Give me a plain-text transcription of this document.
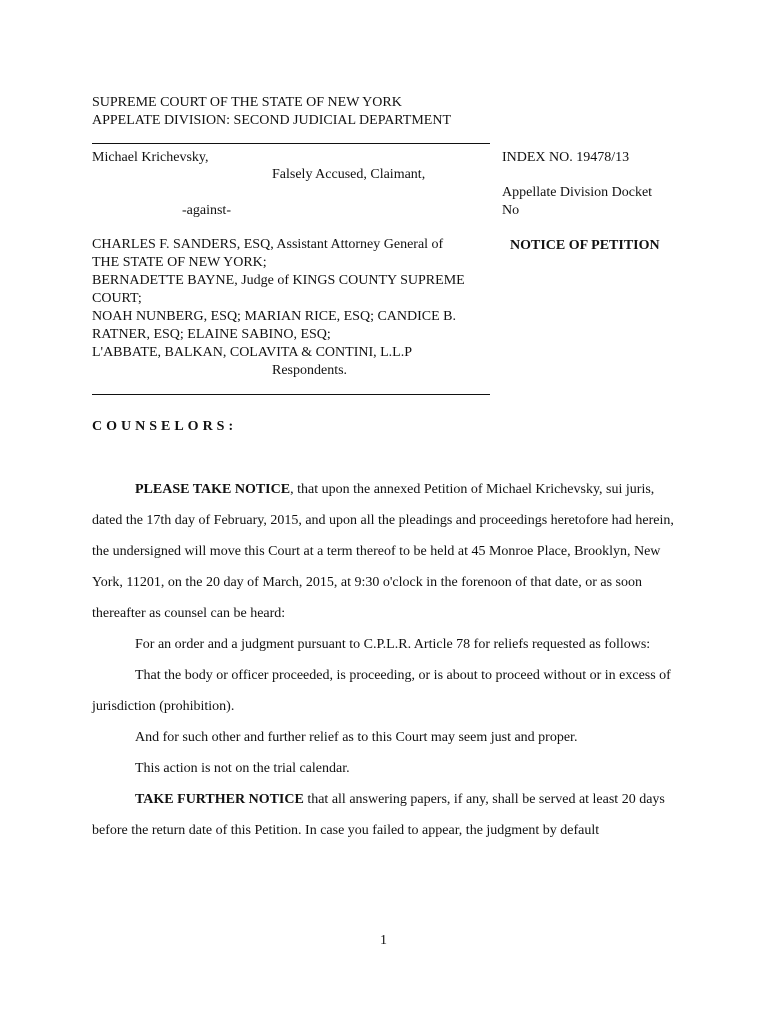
SUPREME COURT OF THE STATE OF NEW YORK
APPELATE DIVISION: SECOND JUDICIAL DEPARTMENT
Michael Krichevsky,
Falsely Accused, Claimant,
-against-
CHARLES F. SANDERS, ESQ, Assistant Attorney General of
THE STATE OF NEW YORK;
BERNADETTE BAYNE, Judge of KINGS COUNTY SUPREME
COURT;
NOAH NUNBERG, ESQ; MARIAN RICE, ESQ; CANDICE B.
RATNER, ESQ; ELAINE SABINO, ESQ;
L'ABBATE, BALKAN, COLAVITA & CONTINI, L.L.P
Respondents.
INDEX NO. 19478/13
Appellate Division Docket
No
NOTICE OF PETITION
COUNSELORS:

PLEASE TAKE NOTICE, that upon the annexed Petition of Michael Krichevsky, sui juris, dated the 17th day of February, 2015, and upon all the pleadings and proceedings heretofore had herein, the undersigned will move this Court at a term thereof to be held at 45 Monroe Place, Brooklyn, New York, 11201, on the 20 day of March, 2015, at 9:30 o'clock in the forenoon of that date, or as soon thereafter as counsel can be heard:

For an order and a judgment pursuant to C.P.L.R. Article 78 for reliefs requested as follows:

That the body or officer proceeded, is proceeding, or is about to proceed without or in excess of jurisdiction (prohibition).

And for such other and further relief as to this Court may seem just and proper.

This action is not on the trial calendar.

TAKE FURTHER NOTICE that all answering papers, if any, shall be served at least 20 days before the return date of this Petition. In case you failed to appear, the judgment by default

1
